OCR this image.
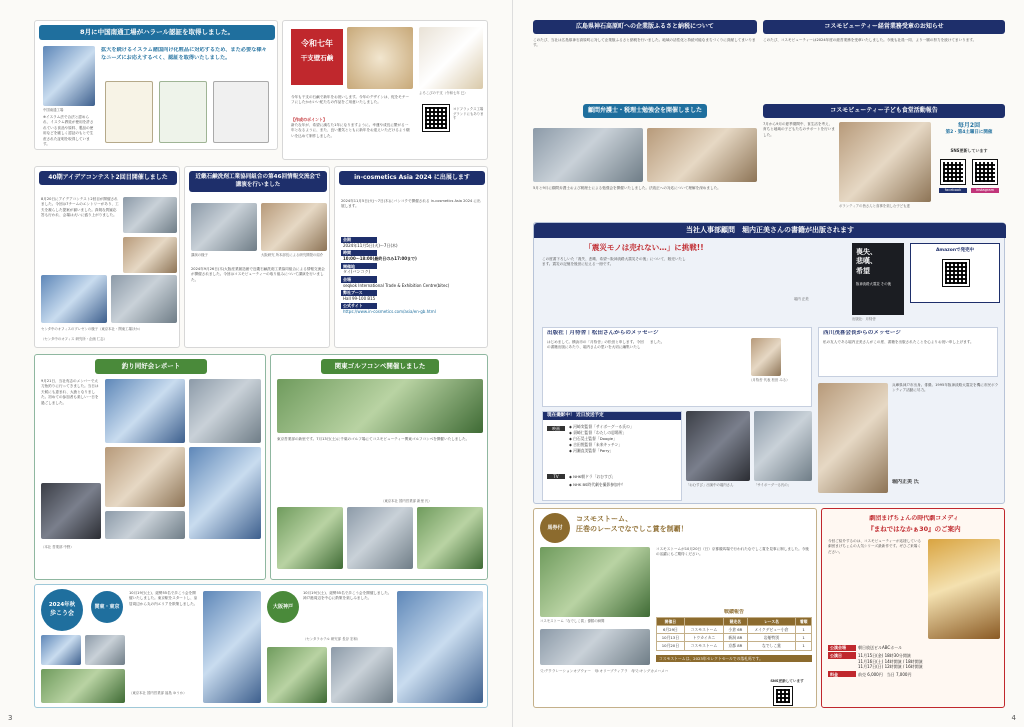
8月に中国南通工場がハラール認証を取得しました。
中国南通工場
※イスラム法で合法と認められ、イスラム教徒が使用を許されている食品や原料、製品の使用などを厳しく認証のもとで生産された証明を取得しています。
拡大を続けるイスラム諸国向け化粧品に対応するため、また必要な様々なニーズにお応えするべく、認証を取得いたしました。
令和七年
干支壁石鹸
よろこびの干支（令和七年 巳）
今年も干支の石鹸で新年をお祝いします。今年のデザインは、蛇をモチーフにしたかわいい蛇たちの作品をご用意いたしました。
【作成のポイント】
新たな年が、希望に満ちた1年になりますように。幸運や成長に繋がる一年となるように、また、良い運気とともに新年をお迎えいただけるよう願いを込めて制作しました。
ヨドフラックス工場グランドにもあります
40期アイデアコンテスト2回目開催しました
8月20日にアイデアコンテスト2回目が開催されました。今回は7チームのエントリーがあり、工夫を凝らした提案が揃いました。真剣な質疑応答も行われ、会場は大いに盛り上がりました。
センタ中のオフィスのプレゼンの様子（東京本社・関東工場ほか）
（センタ中のオフィス 研究所・企画 仁志）
近畿石鹸洗剤工業協同組合の第46回情報交流会で講演を行いました
講演の様子	大阪研究 所本部長による研究開発の紹介
2024年9月26日(木)大阪産業創造館で近畿石鹸洗剤工業協同組合による情報交流会が開催されました。今回はコスモビューティーの取り組みについて講演を行いました。
in-cosmetics Asia 2024 に出展します
2024年11月5日(火)〜7日(木)にバンコクで開催される in-cosmetics Asia 2024 に出展します。
会期
2024年11月5日(火)〜7日(木)
時間
10:00〜18:00(最終日のみ17:00まで)
開催地
タイ(バンコク)
会場
seqkok International Trade & Exhibition Centre(bitec)
弊社ブース
Hall 99-100 B15
公式サイト
https://www.in-cosmetics.com/asia/en-gb.html
釣り同好会レポート
9月21日、当社有志のメンバーで太刀魚釣りに行ってきました。当日は天候にも恵まれ、大漁となりました。初めての参加者も楽しい一日を過ごしました。
（本社 営業部 中野）
関東ゴルフコンペ開催しました
東京営業部の新里です。7月13日(土)に千葉のゴルフ場にてコスモビューティー関東ゴルフコンペを開催いたしました。
（東京本社 国内営業部 新里 氏）
2024年秋
歩こう会
関東・東京
10月19日(土)、総勢55名で歩こう会を開催いたしました。東京駅をスタートし、皇居周辺から丸の内エリアを散策しました。
（東京本社 国内営業部 福島 ゆうか）
大阪神戸
10月19日(土)、総勢55名で歩こう会を開催しました。神戸港周辺を中心に散策を楽しみました。
（センタラホテル 研究部 長谷 宏和）
3
広島県神石高原町への企業版ふるさと納税について
このたび、当社は広島県神石高原町に対して企業版ふるさと納税を行いました。地域の活性化と持続可能なまちづくりに貢献してまいります。
コスモビューティー経営業務受章のお知らせ
このたび、コスモビューティーは2024年度の経営業務を受章いたしました。今後も社員一同、より一層の努力を続けてまいります。
顧問弁護士・税理士勉強会を開催しました
5月と9月に顧問弁護士および税理士による勉強会を開催いたしました。法改正への対応について理解を深めました。
コスモビューティー子ども食堂活動報告
7月から9月の夏季期間中、食生活を考え、育ちと地域の子どもたちのサポートを行いました。
ボランティアの皆さんと食事を楽しむ子ども達
毎月2回
第2・第4土曜日に開催
SNS更新しています
facebook	instagram
当社人事部顧問　堀内正美さんの書籍が出版されます
「震災モノは売れない…」に挑戦!!
この度書下ろしいた「喪失、悲嘆、希望〜阪神淡路大震災その後」について、販売いたします。震災の記憶を後世に伝える一冊です。
堀内 正美
喪失、
悲嘆、
希望
阪神淡路大震災 その後
Amazonで発売中
出版社：月待舎
出版社｜月待舎｜松田さんからのメッセージ
はじめまして。横浜市の「月待舎」の松田と申します。今回の書籍出版にあたり、堀内さんの思いを大切に編集いたしました。
（月待舎 代表 松田 みる）
西川茂喜会長からのメッセージ
私の友人である堀内正美さんがこの度、書籍を出版されたことを心よりお祝い申し上げます。
現在撮影中！ 近日放送予定
映画	◆ 河崎実監督「サイボーグ一る氏の」
◆ 須崎仁監督「わたしの思場所」
◆ 白石晃士監督「Doogie」
◆ 吉田悦監督「未来キッチン」
◆ 河瀬直美監督「Parry」
TV	◆ NHK朝ドラ「おむすび」
◆ NHK BS時代劇を撮影参加中！	「おむすび」出演中の堀内さん	「サイボーグ一る氏の」	堀内正美 氏
兵庫県神戸市出身。俳優。1995年阪神淡路大震災を機に市民ボランティア活動に尽力。
馬券付
コスモストーム、
圧巻のレースでなでしこ賞を制覇！
コスモストームが10月20日（日）京都競馬場で行われたなでしこ賞を見事に制しました。今後の活躍にもご期待ください。
戦績報告
開催日		競走名	レース名	着順
6月29日	コスモストーム	小倉 6R	メイクデビュー小倉	1
10月13日	トウカイカニ	新潟 8R	岩船特別	1
10月20日	コスモストーム	京都 8R	なでしこ賞	1
コスモストームは、2023年セレクトセールでの落札馬です。
父:デクラレーションオブウォー　母:オリーブティアラ　母父:キングカメハメハ
コスモストーム「なでしこ賞」優勝の瞬間
SNS更新しています
劇団まげちょんの時代劇コメディ
『まねではなかぁ30』のご案内
今回ご紹介するのは、コスモビューティーが応援している劇団まげちょんの人気シリーズ最新作です。ぜひご来場ください。
公演会場	朝日放送ビルABCホール
公演日	11月15日(金) 18時30分開演
11月16日(土) 14時開演 / 18時開演
11月17日(日) 12時開演 / 16時開演
料金	前売 6,000円　当日 7,000円
4
